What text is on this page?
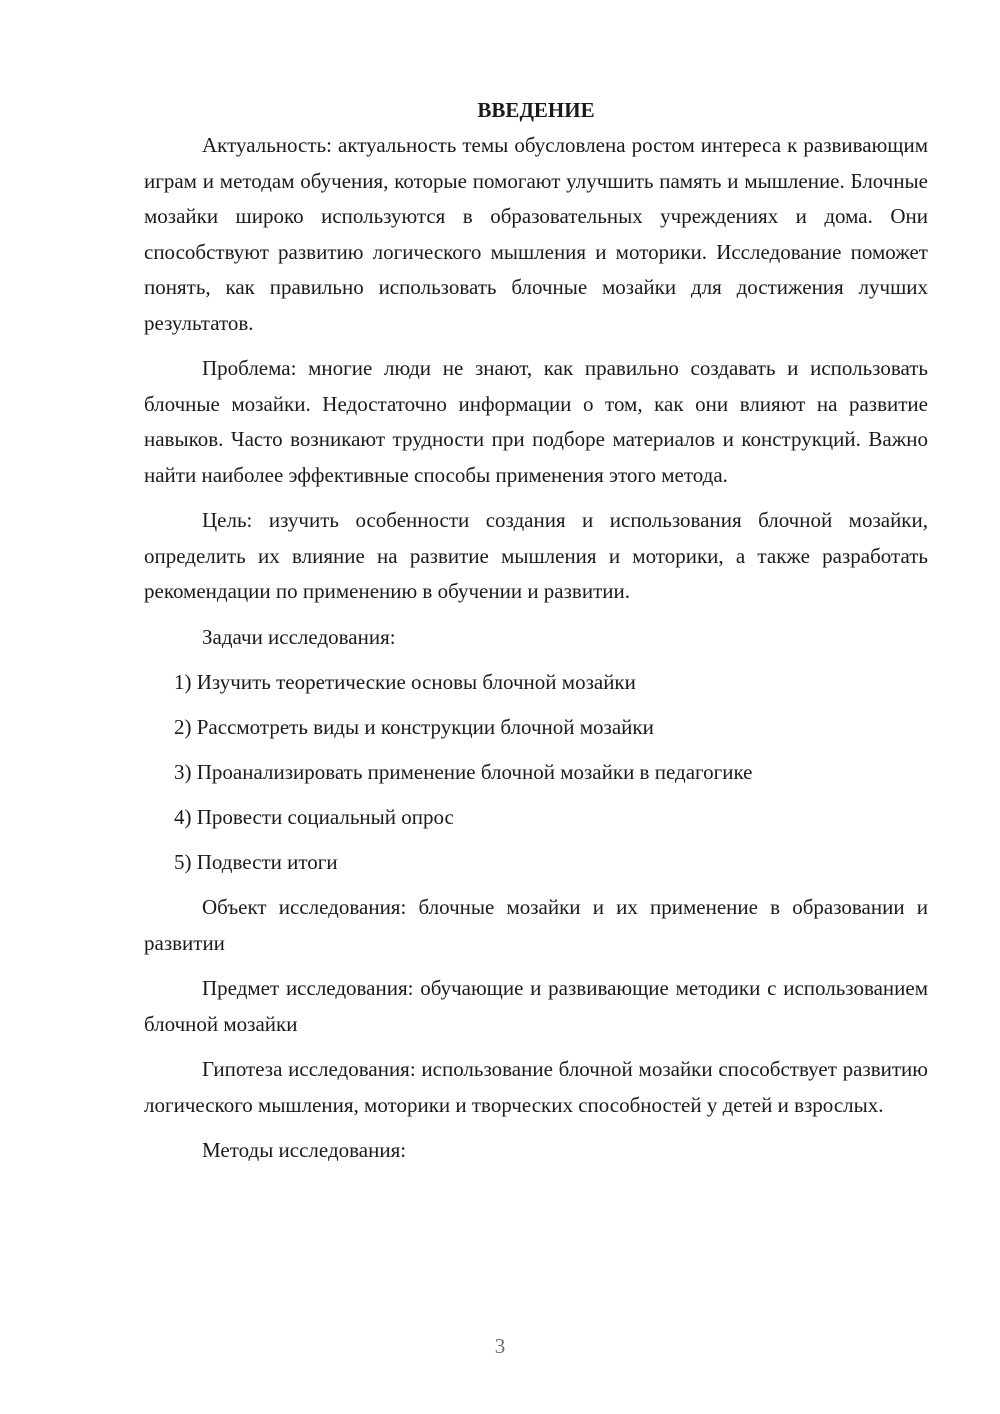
ВВЕДЕНИЕ

Актуальность: актуальность темы обусловлена ростом интереса к развивающим играм и методам обучения, которые помогают улучшить память и мышление. Блочные мозайки широко используются в образовательных учреждениях и дома. Они способствуют развитию логического мышления и моторики. Исследование поможет понять, как правильно использовать блочные мозайки для достижения лучших результатов.

Проблема: многие люди не знают, как правильно создавать и использовать блочные мозайки. Недостаточно информации о том, как они влияют на развитие навыков. Часто возникают трудности при подборе материалов и конструкций. Важно найти наиболее эффективные способы применения этого метода.

Цель: изучить особенности создания и использования блочной мозайки, определить их влияние на развитие мышления и моторики, а также разработать рекомендации по применению в обучении и развитии.

Задачи исследования:

1) Изучить теоретические основы блочной мозайки
2) Рассмотреть виды и конструкции блочной мозайки
3) Проанализировать применение блочной мозайки в педагогике
4) Провести социальный опрос
5) Подвести итоги

Объект исследования: блочные мозайки и их применение в образовании и развитии

Предмет исследования: обучающие и развивающие методики с использованием блочной мозайки

Гипотеза исследования: использование блочной мозайки способствует развитию логического мышления, моторики и творческих способностей у детей и взрослых.

Методы исследования:

3
